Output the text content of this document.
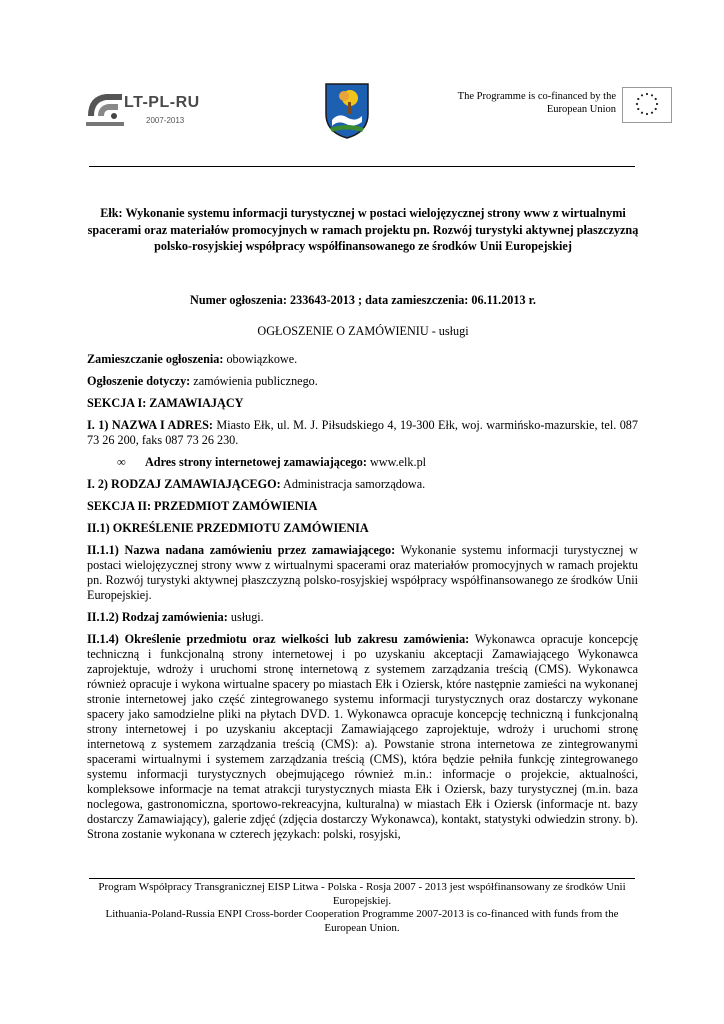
LT-PL-RU
2007-2013
The Programme is co-financed by the
European Union
Ełk: Wykonanie systemu informacji turystycznej w postaci wielojęzycznej strony www z wirtualnymi spacerami oraz materiałów promocyjnych w ramach projektu pn. Rozwój turystyki aktywnej płaszczyzną polsko-rosyjskiej współpracy współfinansowanego ze środków Unii Europejskiej
Numer ogłoszenia: 233643-2013 ; data zamieszczenia: 06.11.2013 r.
OGŁOSZENIE O ZAMÓWIENIU - usługi

Zamieszczanie ogłoszenia: obowiązkowe.

Ogłoszenie dotyczy: zamówienia publicznego.

SEKCJA I: ZAMAWIAJĄCY

I. 1) NAZWA I ADRES: Miasto Ełk, ul. M. J. Piłsudskiego 4, 19-300 Ełk, woj. warmińsko-mazurskie, tel. 087 73 26 200, faks 087 73 26 230.

∞ Adres strony internetowej zamawiającego: www.elk.pl

I. 2) RODZAJ ZAMAWIAJĄCEGO: Administracja samorządowa.

SEKCJA II: PRZEDMIOT ZAMÓWIENIA

II.1) OKREŚLENIE PRZEDMIOTU ZAMÓWIENIA

II.1.1) Nazwa nadana zamówieniu przez zamawiającego: Wykonanie systemu informacji turystycznej w postaci wielojęzycznej strony www z wirtualnymi spacerami oraz materiałów promocyjnych w ramach projektu pn. Rozwój turystyki aktywnej płaszczyzną polsko-rosyjskiej współpracy współfinansowanego ze środków Unii Europejskiej.

II.1.2) Rodzaj zamówienia: usługi.

II.1.4) Określenie przedmiotu oraz wielkości lub zakresu zamówienia: Wykonawca opracuje koncepcję techniczną i funkcjonalną strony internetowej i po uzyskaniu akceptacji Zamawiającego Wykonawca zaprojektuje, wdroży i uruchomi stronę internetową z systemem zarządzania treścią (CMS). Wykonawca również opracuje i wykona wirtualne spacery po miastach Ełk i Oziersk, które następnie zamieści na wykonanej stronie internetowej jako część zintegrowanego systemu informacji turystycznych oraz dostarczy wykonane spacery jako samodzielne pliki na płytach DVD. 1. Wykonawca opracuje koncepcję techniczną i funkcjonalną strony internetowej i po uzyskaniu akceptacji Zamawiającego zaprojektuje, wdroży i uruchomi stronę internetową z systemem zarządzania treścią (CMS): a). Powstanie strona internetowa ze zintegrowanymi spacerami wirtualnymi i systemem zarządzania treścią (CMS), która będzie pełniła funkcję zintegrowanego systemu informacji turystycznych obejmującego również m.in.: informacje o projekcie, aktualności, kompleksowe informacje na temat atrakcji turystycznych miasta Ełk i Oziersk, bazy turystycznej (m.in. baza noclegowa, gastronomiczna, sportowo-rekreacyjna, kulturalna) w miastach Ełk i Oziersk (informacje nt. bazy dostarczy Zamawiający), galerie zdjęć (zdjęcia dostarczy Wykonawca), kontakt, statystyki odwiedzin strony. b). Strona zostanie wykonana w czterech językach: polski, rosyjski,

Program Współpracy Transgranicznej EISP Litwa - Polska - Rosja 2007 - 2013 jest współfinansowany ze środków Unii Europejskiej.
Lithuania-Poland-Russia ENPI Cross-border Cooperation Programme 2007-2013 is co-financed with funds from the European Union.
